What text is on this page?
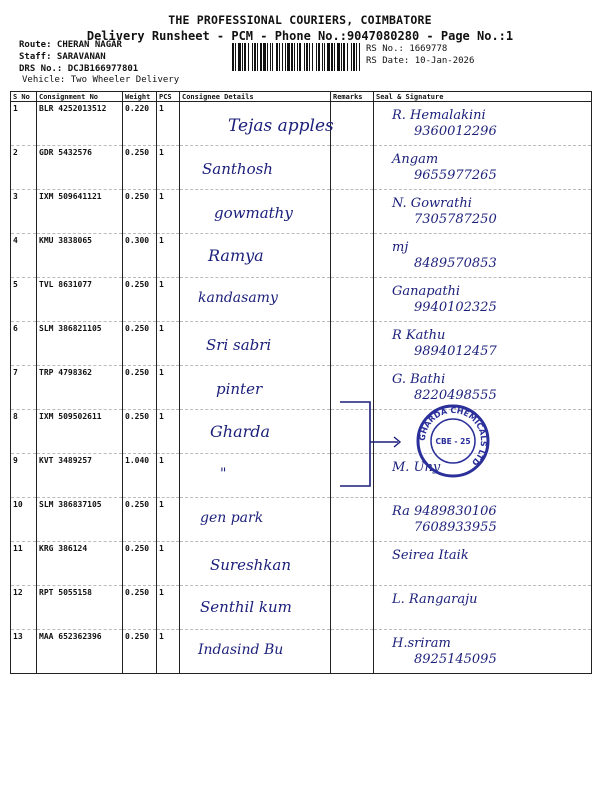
THE PROFESSIONAL COURIERS, COIMBATORE
Delivery Runsheet - PCM - Phone No.:9047080280 - Page No.:1
Route: CHERAN NAGAR
Staff: SARAVANAN
DRS No.: DCJB166977801
Vehicle: Two Wheeler Delivery
RS No.: 1669778
RS Date: 10-Jan-2026
S No	Consignment No	Weight	PCS	Consignee Details	Remarks	Seal & Signature
1	BLR 4252013512	0.220	1	Tejas apples		R. Hemalakini
9360012296

2	GDR 5432576	0.250	1	Santhosh		Angam
9655977265

3	IXM 509641121	0.250	1	gowmathy		N. Gowrathi
7305787250

4	KMU 3838065	0.300	1	Ramya		mj
8489570853

5	TVL 8631077	0.250	1	kandasamy		Ganapathi
9940102325

6	SLM 386821105	0.250	1	Sri sabri		R Kathu
9894012457

7	TRP 4798362	0.250	1	pinter		G. Bathi
8220498555

8	IXM 509502611	0.250	1	Gharda		

9	KVT 3489257	1.040	1	"		M. Uny

10	SLM 386837105	0.250	1	gen park		Ra 9489830106
7608933955

11	KRG 386124	0.250	1	Sureshkan		Seirea Itaik

12	RPT 5055158	0.250	1	Senthil kum		L. Rangaraju

13	MAA 652362396	0.250	1	Indasind Bu		H.sriram
8925145095
GHARDA CHEMICALS LTD
CBE - 25
